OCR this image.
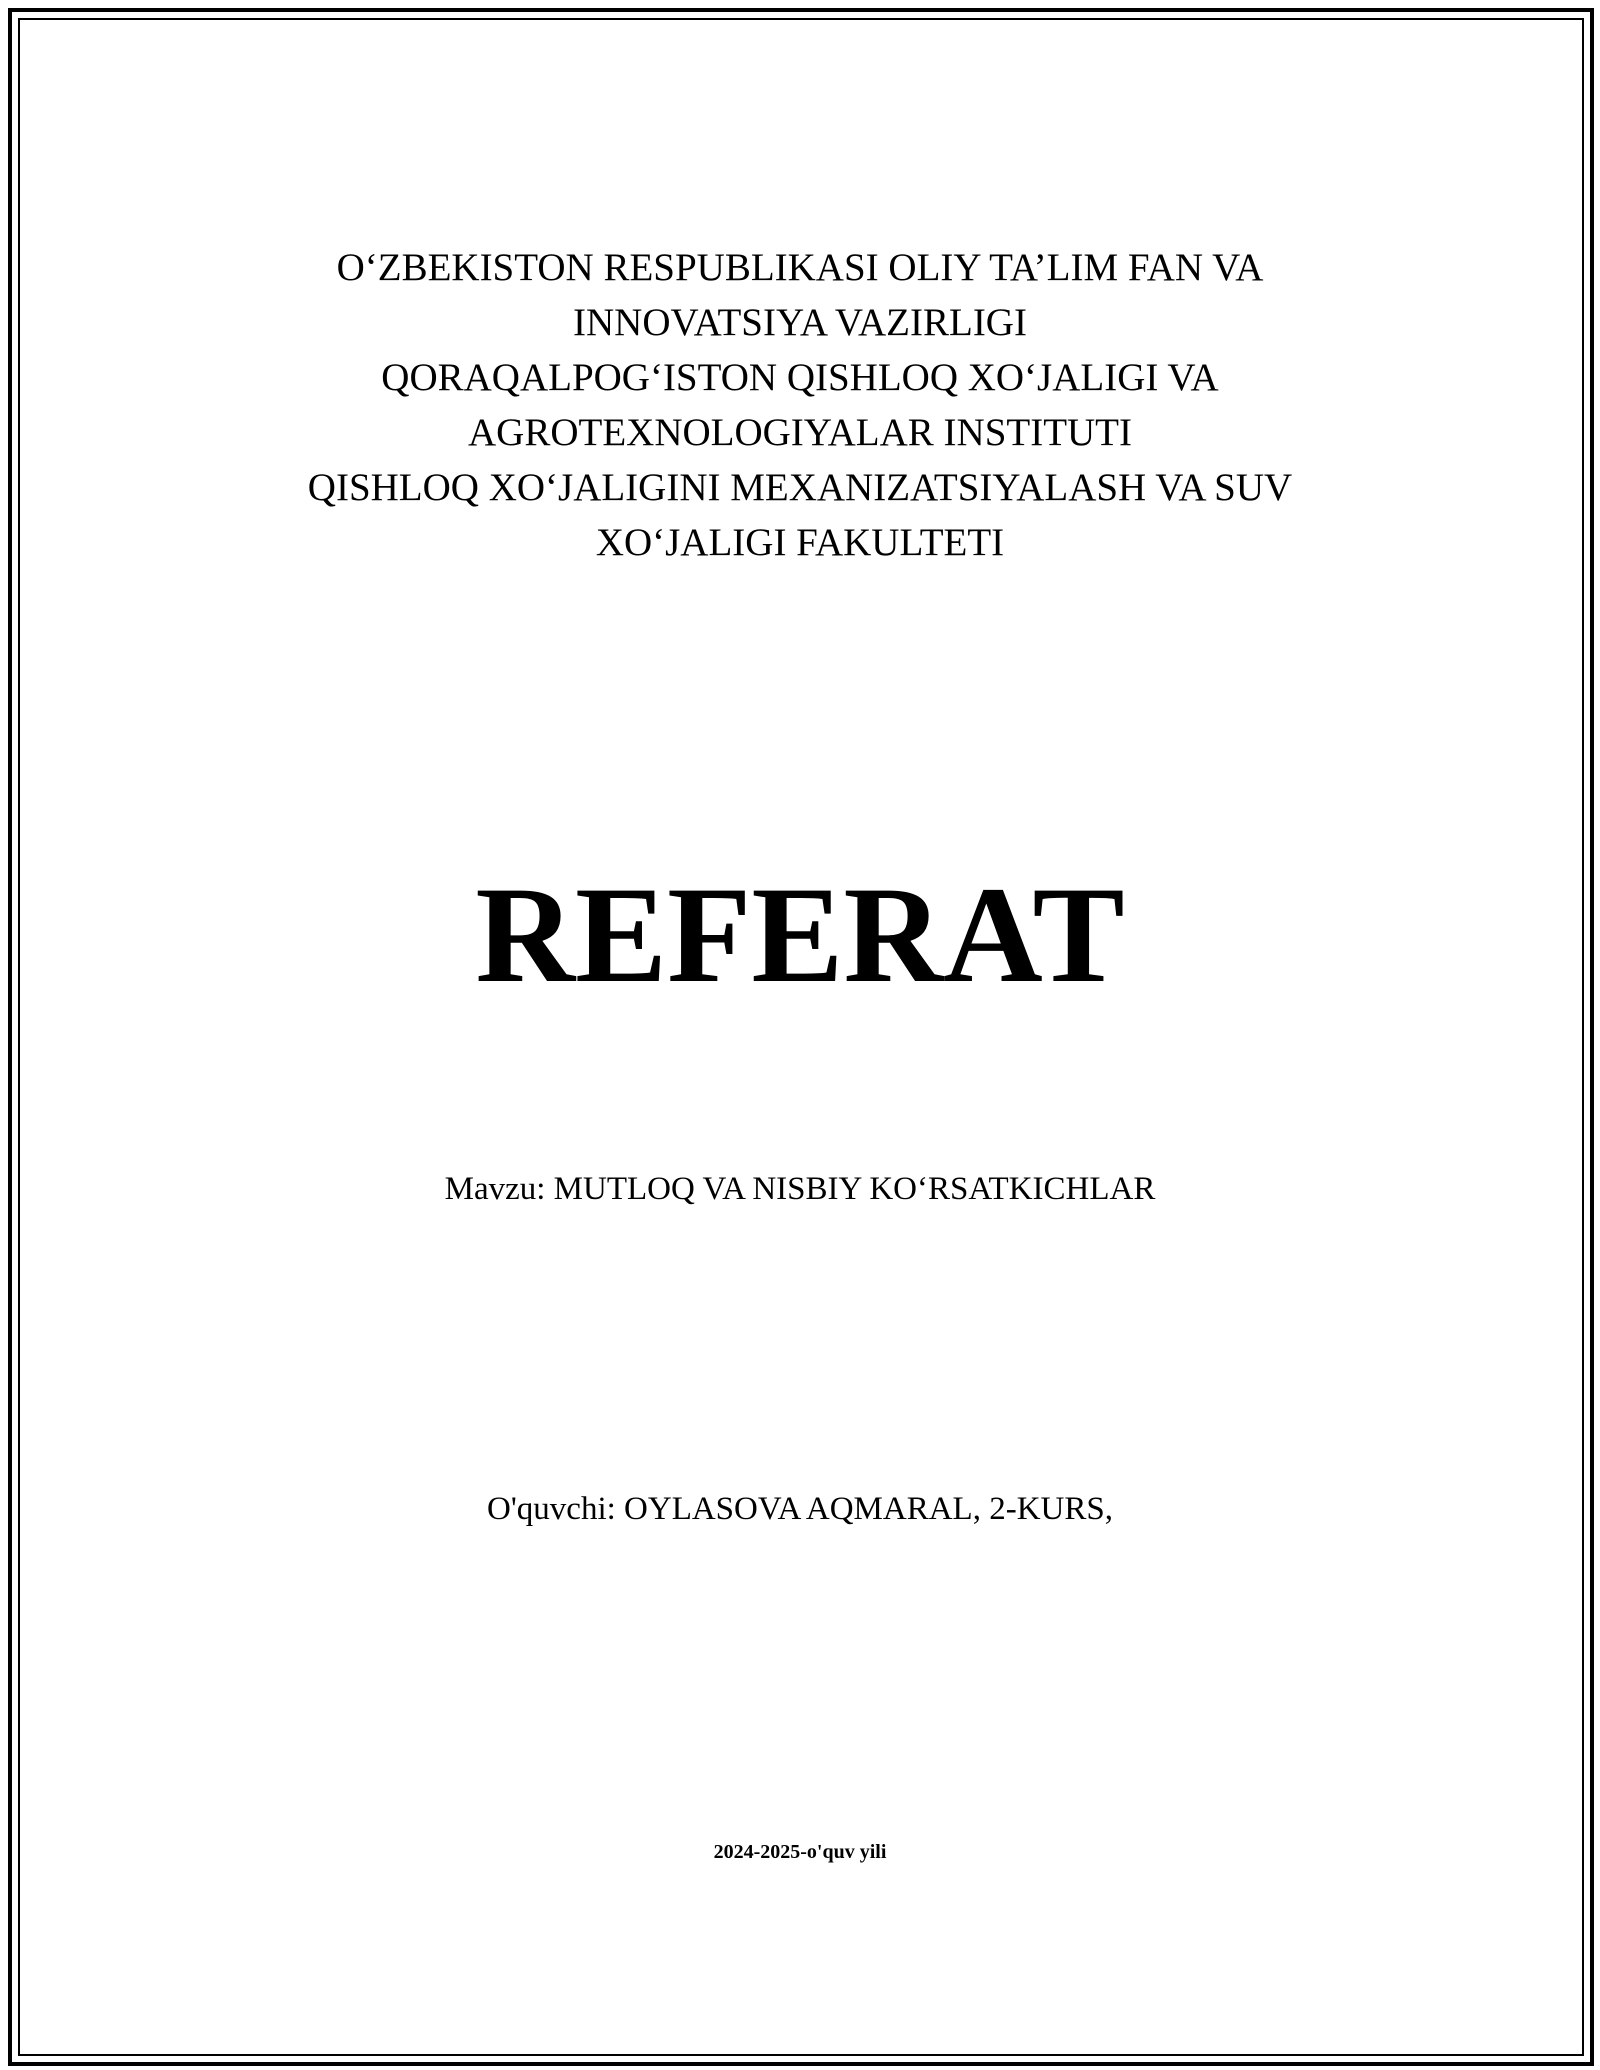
O‘ZBEKISTON RESPUBLIKASI OLIY TA’LIM FAN VA
INNOVATSIYA VAZIRLIGI
QORAQALPOG‘ISTON QISHLOQ XO‘JALIGI VA
AGROTEXNOLOGIYALAR INSTITUTI
QISHLOQ XO‘JALIGINI MEXANIZATSIYALASH VA SUV
XO‘JALIGI FAKULTETI
REFERAT
Mavzu: MUTLOQ VA NISBIY KO‘RSATKICHLAR
O'quvchi: OYLASOVA AQMARAL, 2-KURS,
2024-2025-o'quv yili
